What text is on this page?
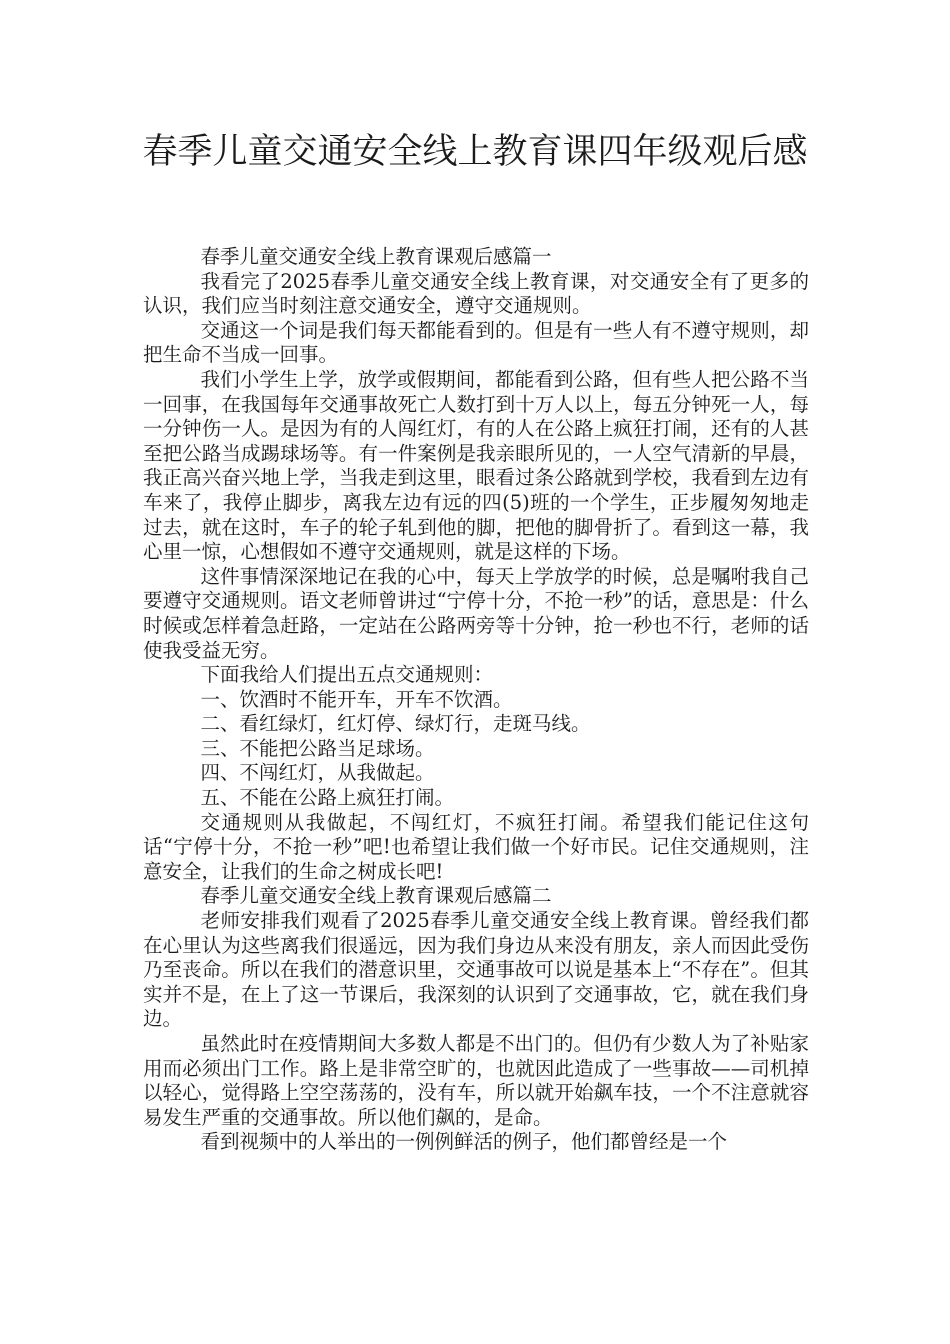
春季儿童交通安全线上教育课四年级观后感

春季儿童交通安全线上教育课观后感篇一

我看完了2025春季儿童交通安全线上教育课，对交通安全有了更多的认识，我们应当时刻注意交通安全，遵守交通规则。

交通这一个词是我们每天都能看到的。但是有一些人有不遵守规则，却把生命不当成一回事。

我们小学生上学，放学或假期间，都能看到公路，但有些人把公路不当一回事，在我国每年交通事故死亡人数打到十万人以上，每五分钟死一人，每一分钟伤一人。是因为有的人闯红灯，有的人在公路上疯狂打闹，还有的人甚至把公路当成踢球场等。有一件案例是我亲眼所见的，一人空气清新的早晨，我正高兴奋兴地上学，当我走到这里，眼看过条公路就到学校，我看到左边有车来了，我停止脚步，离我左边有远的四(5)班的一个学生，正步履匆匆地走过去，就在这时，车子的轮子轧到他的脚，把他的脚骨折了。看到这一幕，我心里一惊，心想假如不遵守交通规则，就是这样的下场。

这件事情深深地记在我的心中，每天上学放学的时候，总是嘱咐我自己要遵守交通规则。语文老师曾讲过“宁停十分，不抢一秒”的话，意思是：什么时候或怎样着急赶路，一定站在公路两旁等十分钟，抢一秒也不行，老师的话使我受益无穷。

下面我给人们提出五点交通规则：

一、饮酒时不能开车，开车不饮酒。

二、看红绿灯，红灯停、绿灯行，走斑马线。

三、不能把公路当足球场。

四、不闯红灯，从我做起。

五、不能在公路上疯狂打闹。

交通规则从我做起，不闯红灯，不疯狂打闹。希望我们能记住这句话“宁停十分，不抢一秒”吧!也希望让我们做一个好市民。记住交通规则，注意安全，让我们的生命之树成长吧!

春季儿童交通安全线上教育课观后感篇二

老师安排我们观看了2025春季儿童交通安全线上教育课。曾经我们都在心里认为这些离我们很遥远，因为我们身边从来没有朋友，亲人而因此受伤乃至丧命。所以在我们的潜意识里，交通事故可以说是基本上“不存在”。但其实并不是，在上了这一节课后，我深刻的认识到了交通事故，它，就在我们身边。

虽然此时在疫情期间大多数人都是不出门的。但仍有少数人为了补贴家用而必须出门工作。路上是非常空旷的，也就因此造成了一些事故——司机掉以轻心，觉得路上空空荡荡的，没有车，所以就开始飙车技，一个不注意就容易发生严重的交通事故。所以他们飙的，是命。

看到视频中的人举出的一例例鲜活的例子，他们都曾经是一个
